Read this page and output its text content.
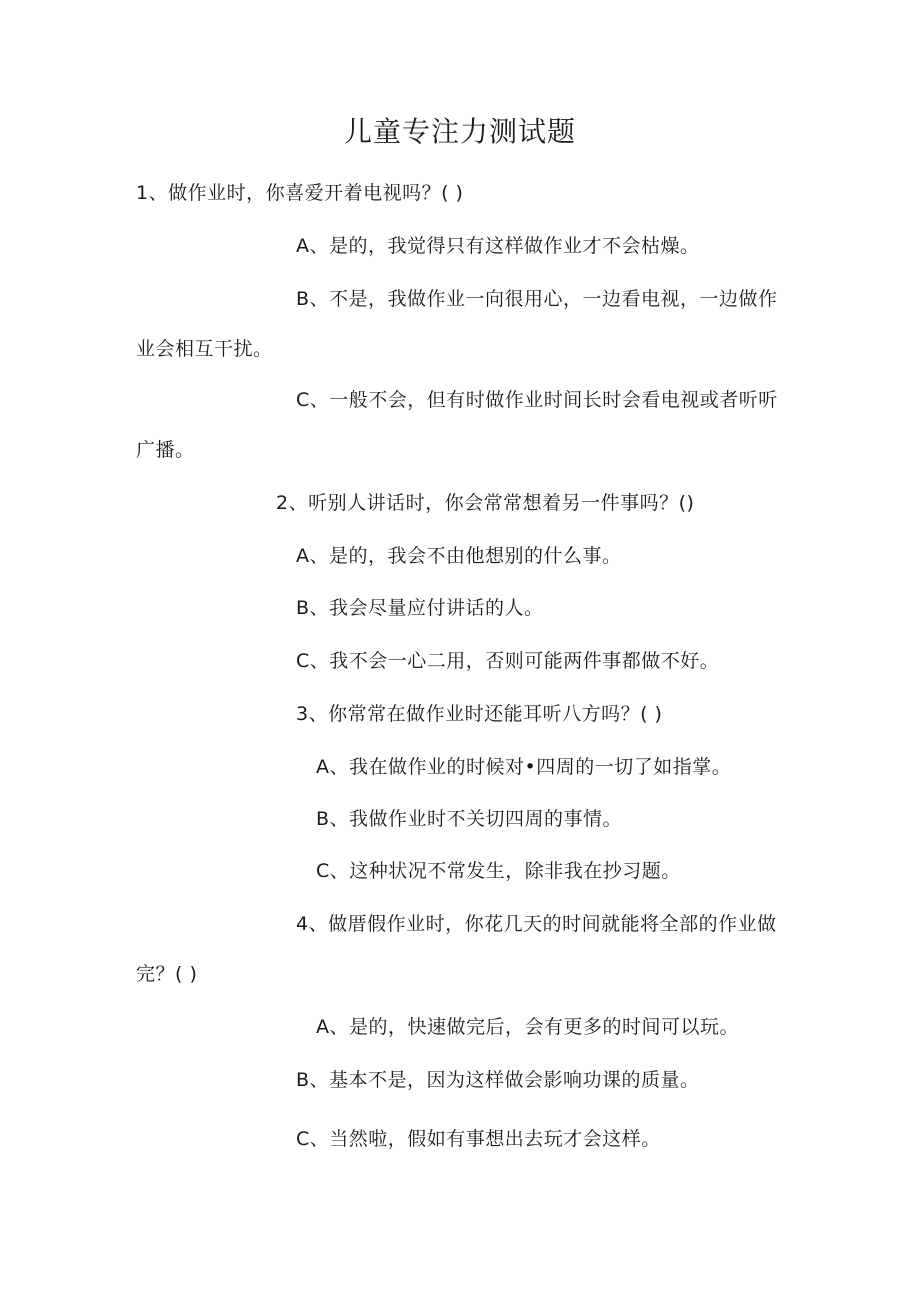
儿童专注力测试题
1、做作业时，你喜爱开着电视吗？( )
A、是的，我觉得只有这样做作业才不会枯燥。
B、不是，我做作业一向很用心，一边看电视，一边做作
业会相互干扰。
C、一般不会，但有时做作业时间长时会看电视或者听听
广播。
2、听别人讲话时，你会常常想着另一件事吗？()
A、是的，我会不由他想别的什么事。
B、我会尽量应付讲话的人。
C、我不会一心二用，否则可能两件事都做不好。
3、你常常在做作业时还能耳听八方吗？( )
A、我在做作业的时候对•四周的一切了如指掌。
B、我做作业时不关切四周的事情。
C、这种状况不常发生，除非我在抄习题。
4、做厝假作业时，你花几天的时间就能将全部的作业做
完？( )
A、是的，快速做完后，会有更多的时间可以玩。
B、基本不是，因为这样做会影响功课的质量。
C、当然啦，假如有事想出去玩才会这样。
